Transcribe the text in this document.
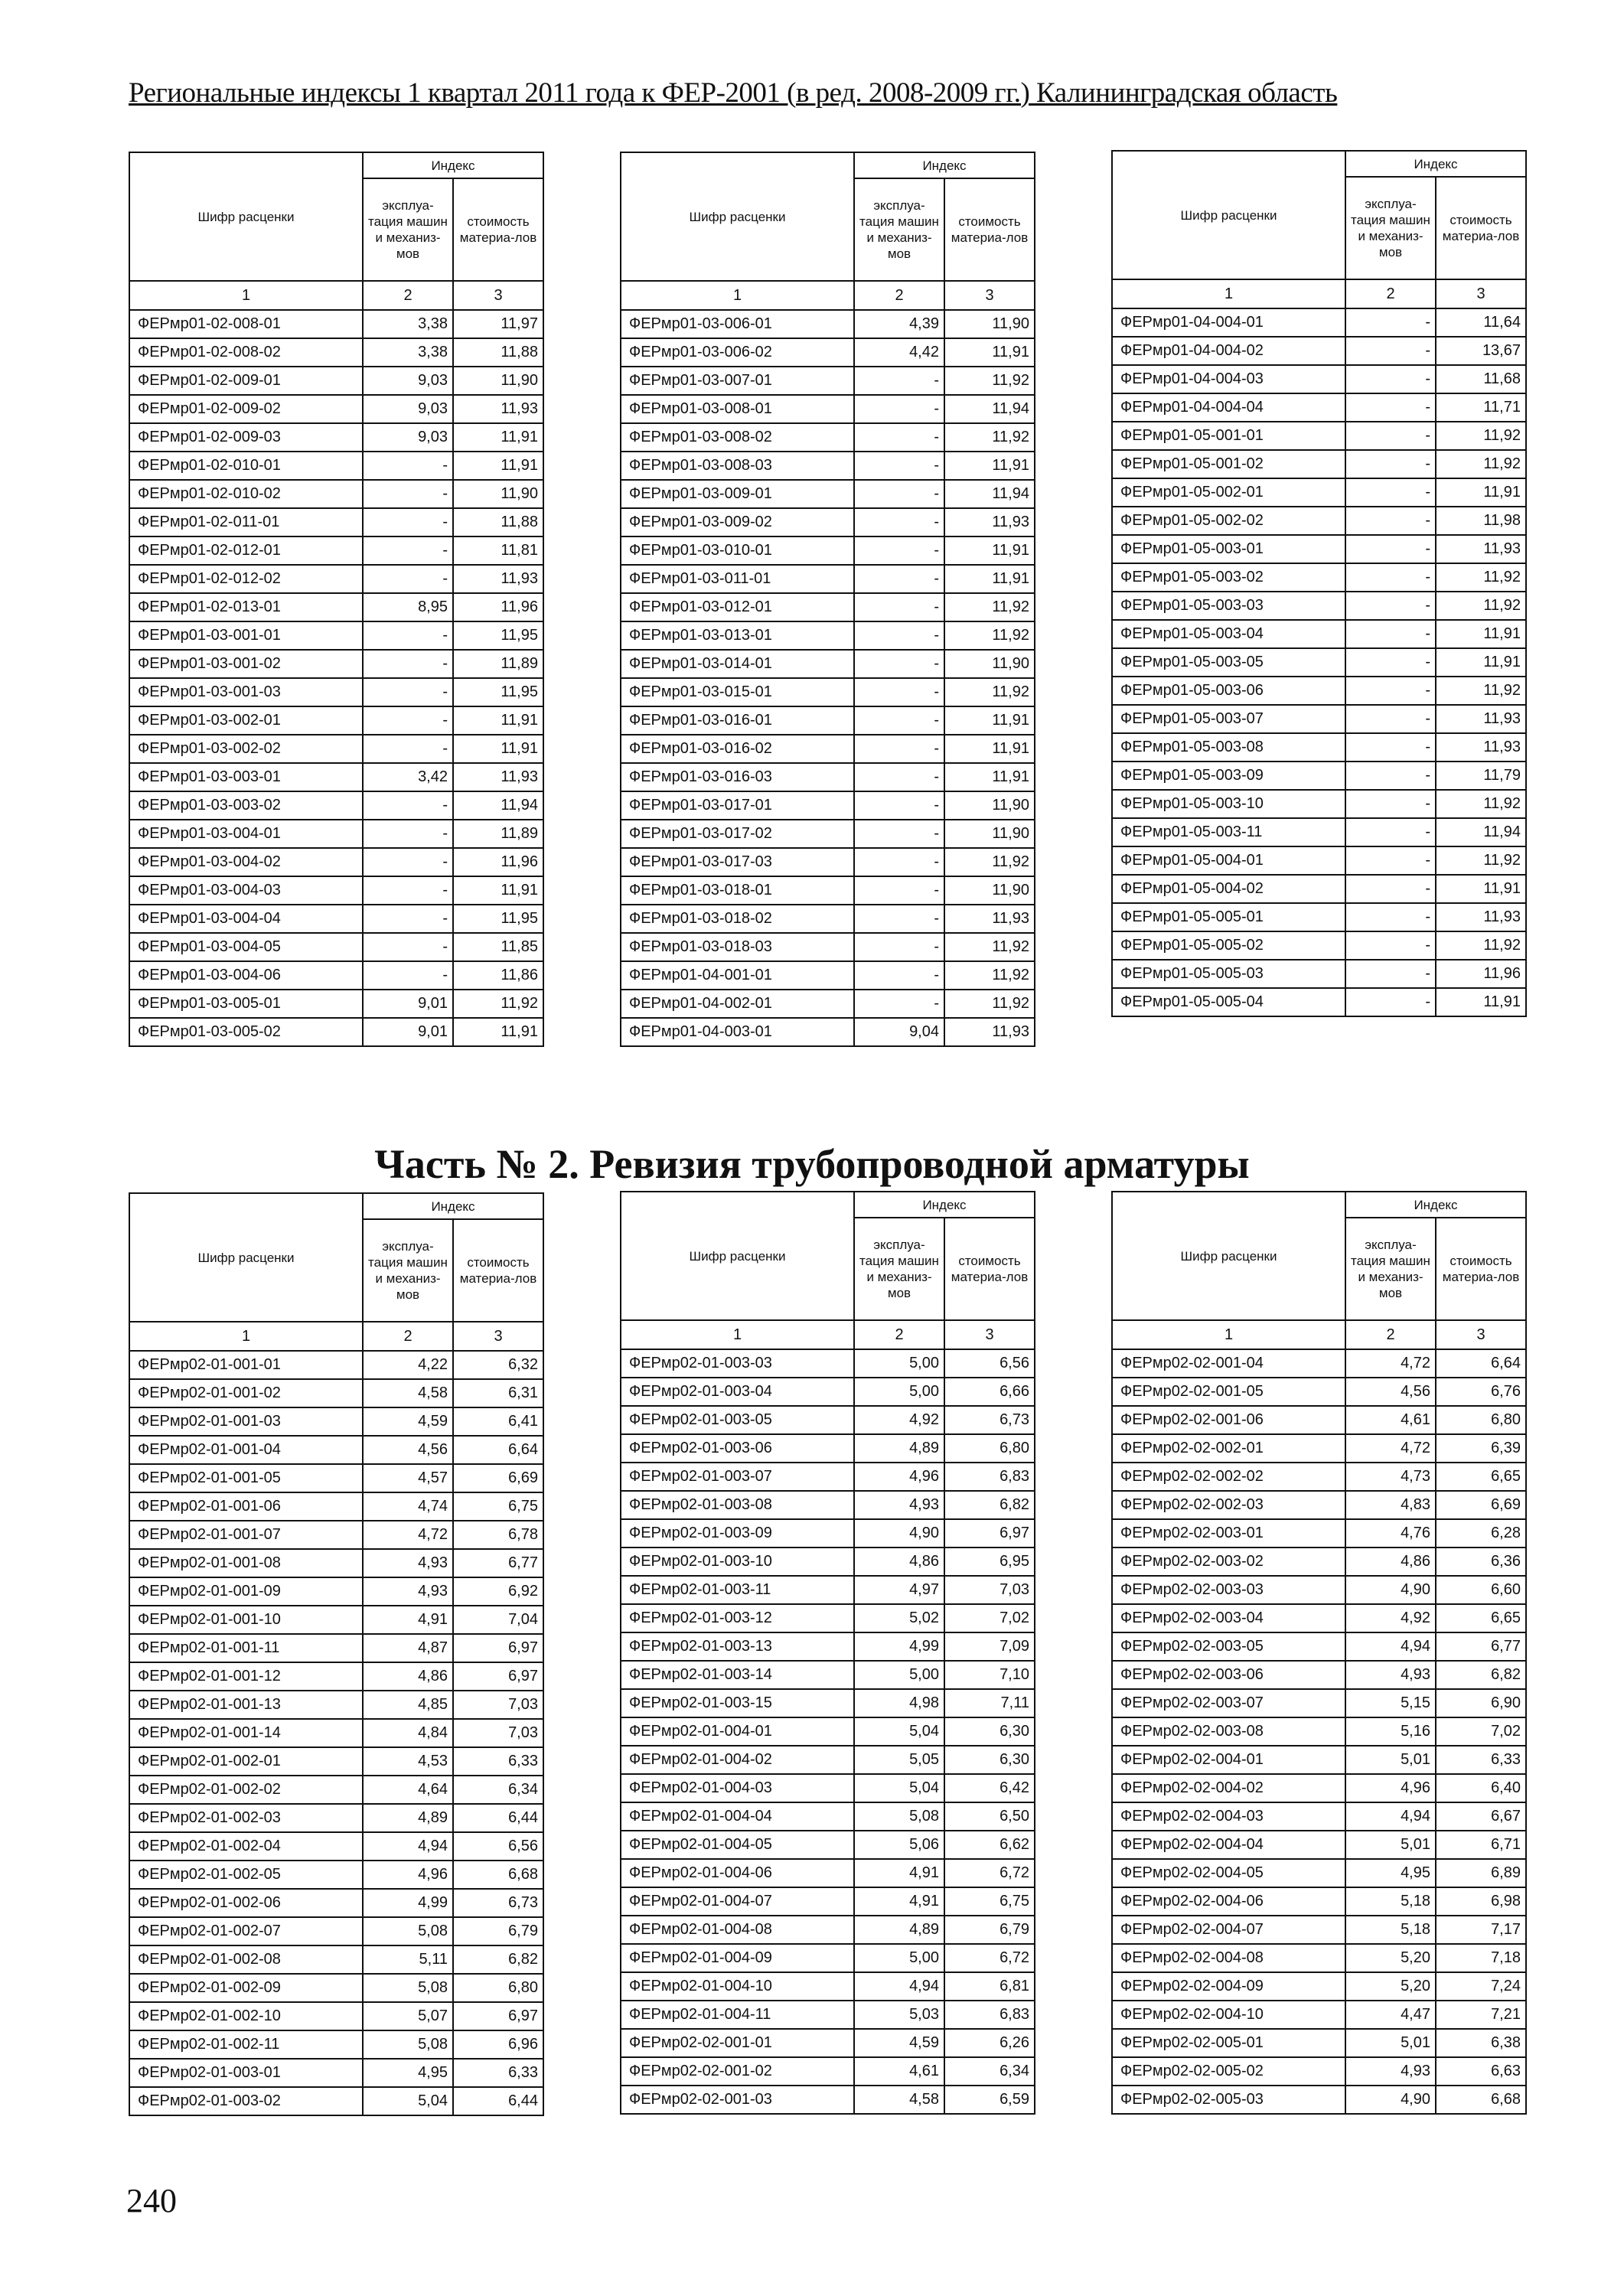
Региональные индексы 1 квартал 2011 года к ФЕР-2001 (в ред. 2008-2009 гг.) Калининградская область
Шифр расценки	Индекс	
	эксплуа-тация машин и механиз-мов	стоимость материа-лов
1	2	3
ФЕРмр01-02-008-01	3,38	11,97
ФЕРмр01-02-008-02	3,38	11,88
ФЕРмр01-02-009-01	9,03	11,90
ФЕРмр01-02-009-02	9,03	11,93
ФЕРмр01-02-009-03	9,03	11,91
ФЕРмр01-02-010-01	-	11,91
ФЕРмр01-02-010-02	-	11,90
ФЕРмр01-02-011-01	-	11,88
ФЕРмр01-02-012-01	-	11,81
ФЕРмр01-02-012-02	-	11,93
ФЕРмр01-02-013-01	8,95	11,96
ФЕРмр01-03-001-01	-	11,95
ФЕРмр01-03-001-02	-	11,89
ФЕРмр01-03-001-03	-	11,95
ФЕРмр01-03-002-01	-	11,91
ФЕРмр01-03-002-02	-	11,91
ФЕРмр01-03-003-01	3,42	11,93
ФЕРмр01-03-003-02	-	11,94
ФЕРмр01-03-004-01	-	11,89
ФЕРмр01-03-004-02	-	11,96
ФЕРмр01-03-004-03	-	11,91
ФЕРмр01-03-004-04	-	11,95
ФЕРмр01-03-004-05	-	11,85
ФЕРмр01-03-004-06	-	11,86
ФЕРмр01-03-005-01	9,01	11,92
ФЕРмр01-03-005-02	9,01	11,91
Шифр расценки	Индекс	
	эксплуа-тация машин и механиз-мов	стоимость материа-лов
1	2	3
ФЕРмр01-03-006-01	4,39	11,90
ФЕРмр01-03-006-02	4,42	11,91
ФЕРмр01-03-007-01	-	11,92
ФЕРмр01-03-008-01	-	11,94
ФЕРмр01-03-008-02	-	11,92
ФЕРмр01-03-008-03	-	11,91
ФЕРмр01-03-009-01	-	11,94
ФЕРмр01-03-009-02	-	11,93
ФЕРмр01-03-010-01	-	11,91
ФЕРмр01-03-011-01	-	11,91
ФЕРмр01-03-012-01	-	11,92
ФЕРмр01-03-013-01	-	11,92
ФЕРмр01-03-014-01	-	11,90
ФЕРмр01-03-015-01	-	11,92
ФЕРмр01-03-016-01	-	11,91
ФЕРмр01-03-016-02	-	11,91
ФЕРмр01-03-016-03	-	11,91
ФЕРмр01-03-017-01	-	11,90
ФЕРмр01-03-017-02	-	11,90
ФЕРмр01-03-017-03	-	11,92
ФЕРмр01-03-018-01	-	11,90
ФЕРмр01-03-018-02	-	11,93
ФЕРмр01-03-018-03	-	11,92
ФЕРмр01-04-001-01	-	11,92
ФЕРмр01-04-002-01	-	11,92
ФЕРмр01-04-003-01	9,04	11,93
Шифр расценки	Индекс	
	эксплуа-тация машин и механиз-мов	стоимость материа-лов
1	2	3
ФЕРмр01-04-004-01	-	11,64
ФЕРмр01-04-004-02	-	13,67
ФЕРмр01-04-004-03	-	11,68
ФЕРмр01-04-004-04	-	11,71
ФЕРмр01-05-001-01	-	11,92
ФЕРмр01-05-001-02	-	11,92
ФЕРмр01-05-002-01	-	11,91
ФЕРмр01-05-002-02	-	11,98
ФЕРмр01-05-003-01	-	11,93
ФЕРмр01-05-003-02	-	11,92
ФЕРмр01-05-003-03	-	11,92
ФЕРмр01-05-003-04	-	11,91
ФЕРмр01-05-003-05	-	11,91
ФЕРмр01-05-003-06	-	11,92
ФЕРмр01-05-003-07	-	11,93
ФЕРмр01-05-003-08	-	11,93
ФЕРмр01-05-003-09	-	11,79
ФЕРмр01-05-003-10	-	11,92
ФЕРмр01-05-003-11	-	11,94
ФЕРмр01-05-004-01	-	11,92
ФЕРмр01-05-004-02	-	11,91
ФЕРмр01-05-005-01	-	11,93
ФЕРмр01-05-005-02	-	11,92
ФЕРмр01-05-005-03	-	11,96
ФЕРмр01-05-005-04	-	11,91
Часть № 2. Ревизия трубопроводной арматуры
Шифр расценки	Индекс	
	эксплуа-тация машин и механиз-мов	стоимость материа-лов
1	2	3
ФЕРмр02-01-001-01	4,22	6,32
ФЕРмр02-01-001-02	4,58	6,31
ФЕРмр02-01-001-03	4,59	6,41
ФЕРмр02-01-001-04	4,56	6,64
ФЕРмр02-01-001-05	4,57	6,69
ФЕРмр02-01-001-06	4,74	6,75
ФЕРмр02-01-001-07	4,72	6,78
ФЕРмр02-01-001-08	4,93	6,77
ФЕРмр02-01-001-09	4,93	6,92
ФЕРмр02-01-001-10	4,91	7,04
ФЕРмр02-01-001-11	4,87	6,97
ФЕРмр02-01-001-12	4,86	6,97
ФЕРмр02-01-001-13	4,85	7,03
ФЕРмр02-01-001-14	4,84	7,03
ФЕРмр02-01-002-01	4,53	6,33
ФЕРмр02-01-002-02	4,64	6,34
ФЕРмр02-01-002-03	4,89	6,44
ФЕРмр02-01-002-04	4,94	6,56
ФЕРмр02-01-002-05	4,96	6,68
ФЕРмр02-01-002-06	4,99	6,73
ФЕРмр02-01-002-07	5,08	6,79
ФЕРмр02-01-002-08	5,11	6,82
ФЕРмр02-01-002-09	5,08	6,80
ФЕРмр02-01-002-10	5,07	6,97
ФЕРмр02-01-002-11	5,08	6,96
ФЕРмр02-01-003-01	4,95	6,33
ФЕРмр02-01-003-02	5,04	6,44
Шифр расценки	Индекс	
	эксплуа-тация машин и механиз-мов	стоимость материа-лов
1	2	3
ФЕРмр02-01-003-03	5,00	6,56
ФЕРмр02-01-003-04	5,00	6,66
ФЕРмр02-01-003-05	4,92	6,73
ФЕРмр02-01-003-06	4,89	6,80
ФЕРмр02-01-003-07	4,96	6,83
ФЕРмр02-01-003-08	4,93	6,82
ФЕРмр02-01-003-09	4,90	6,97
ФЕРмр02-01-003-10	4,86	6,95
ФЕРмр02-01-003-11	4,97	7,03
ФЕРмр02-01-003-12	5,02	7,02
ФЕРмр02-01-003-13	4,99	7,09
ФЕРмр02-01-003-14	5,00	7,10
ФЕРмр02-01-003-15	4,98	7,11
ФЕРмр02-01-004-01	5,04	6,30
ФЕРмр02-01-004-02	5,05	6,30
ФЕРмр02-01-004-03	5,04	6,42
ФЕРмр02-01-004-04	5,08	6,50
ФЕРмр02-01-004-05	5,06	6,62
ФЕРмр02-01-004-06	4,91	6,72
ФЕРмр02-01-004-07	4,91	6,75
ФЕРмр02-01-004-08	4,89	6,79
ФЕРмр02-01-004-09	5,00	6,72
ФЕРмр02-01-004-10	4,94	6,81
ФЕРмр02-01-004-11	5,03	6,83
ФЕРмр02-02-001-01	4,59	6,26
ФЕРмр02-02-001-02	4,61	6,34
ФЕРмр02-02-001-03	4,58	6,59
Шифр расценки	Индекс	
	эксплуа-тация машин и механиз-мов	стоимость материа-лов
1	2	3
ФЕРмр02-02-001-04	4,72	6,64
ФЕРмр02-02-001-05	4,56	6,76
ФЕРмр02-02-001-06	4,61	6,80
ФЕРмр02-02-002-01	4,72	6,39
ФЕРмр02-02-002-02	4,73	6,65
ФЕРмр02-02-002-03	4,83	6,69
ФЕРмр02-02-003-01	4,76	6,28
ФЕРмр02-02-003-02	4,86	6,36
ФЕРмр02-02-003-03	4,90	6,60
ФЕРмр02-02-003-04	4,92	6,65
ФЕРмр02-02-003-05	4,94	6,77
ФЕРмр02-02-003-06	4,93	6,82
ФЕРмр02-02-003-07	5,15	6,90
ФЕРмр02-02-003-08	5,16	7,02
ФЕРмр02-02-004-01	5,01	6,33
ФЕРмр02-02-004-02	4,96	6,40
ФЕРмр02-02-004-03	4,94	6,67
ФЕРмр02-02-004-04	5,01	6,71
ФЕРмр02-02-004-05	4,95	6,89
ФЕРмр02-02-004-06	5,18	6,98
ФЕРмр02-02-004-07	5,18	7,17
ФЕРмр02-02-004-08	5,20	7,18
ФЕРмр02-02-004-09	5,20	7,24
ФЕРмр02-02-004-10	4,47	7,21
ФЕРмр02-02-005-01	5,01	6,38
ФЕРмр02-02-005-02	4,93	6,63
ФЕРмр02-02-005-03	4,90	6,68
240
